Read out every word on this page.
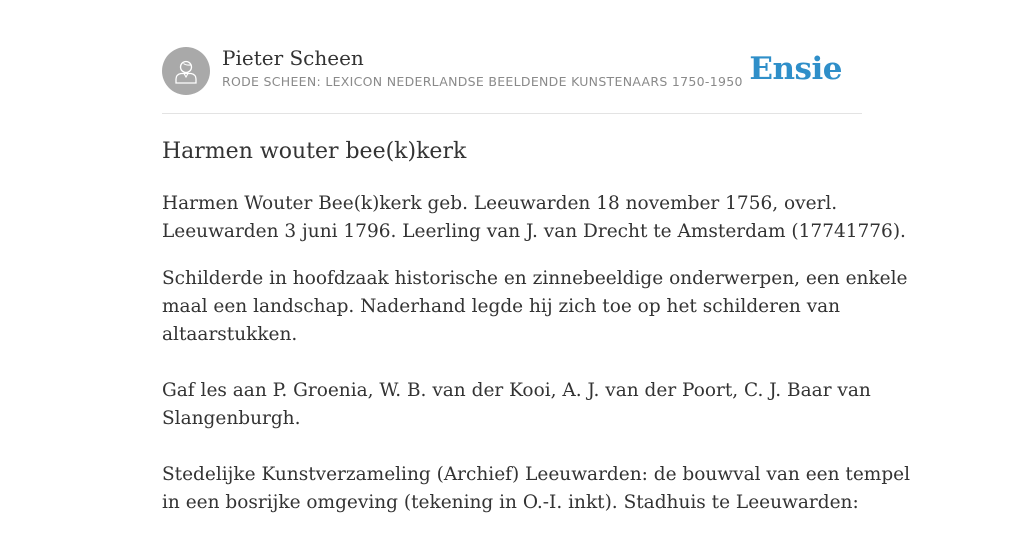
Pieter Scheen
RODE SCHEEN: LEXICON NEDERLANDSE BEELDENDE KUNSTENAARS 1750-1950 Ensie
Harmen wouter bee(k)kerk

Harmen Wouter Bee(k)kerk geb. Leeuwarden 18 november 1756, overl.
Leeuwarden 3 juni 1796. Leerling van J. van Drecht te Amsterdam (17741776).

Schilderde in hoofdzaak historische en zinnebeeldige onderwerpen, een enkele
maal een landschap. Naderhand legde hij zich toe op het schilderen van
altaarstukken.
Gaf les aan P. Groenia, W. B. van der Kooi, A. J. van der Poort, C. J. Baar van
Slangenburgh.
Stedelijke Kunstverzameling (Archief) Leeuwarden: de bouwval van een tempel
in een bosrijke omgeving (tekening in O.-I. inkt). Stadhuis te Leeuwarden:
